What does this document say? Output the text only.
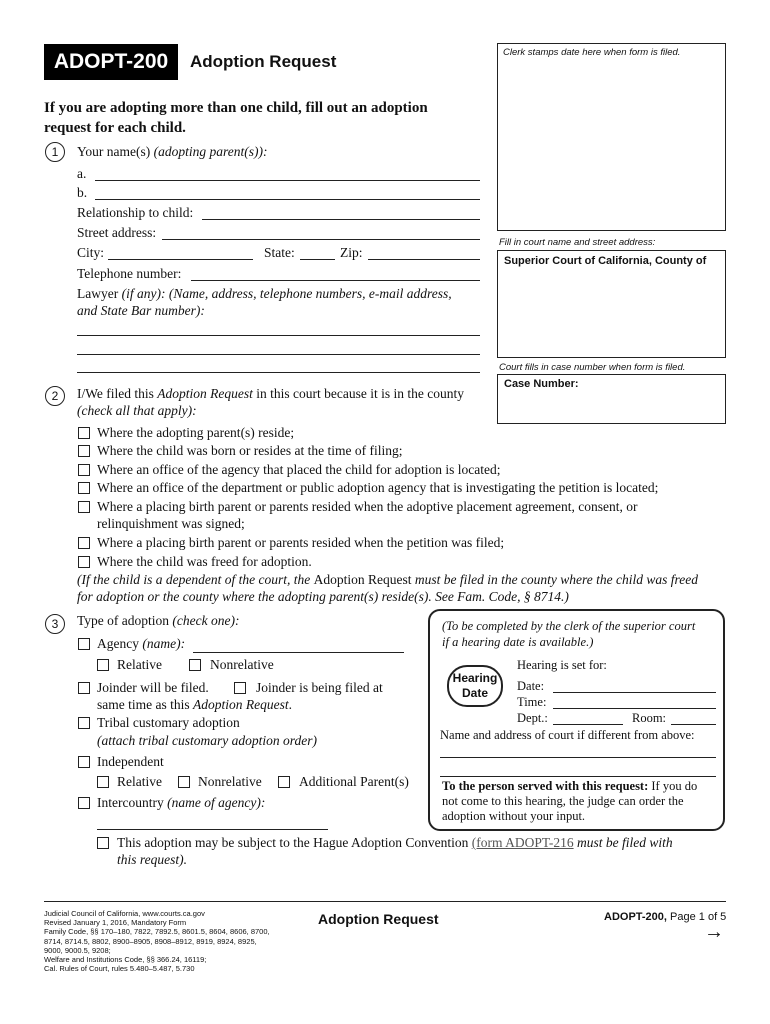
ADOPT-200 Adoption Request	Clerk stamps date here when form is filed.
Fill in court name and street address:
Superior Court of California, County of
Court fills in case number when form is filed.
Case Number:
If you are adopting more than one child, fill out an adoption
request for each child.
1	Your name(s) (adopting parent(s)):
a.
b.
Relationship to child:
Street address:
City:	State:	Zip:
Telephone number:
Lawyer (if any): (Name, address, telephone numbers, e-mail address,
and State Bar number):
2	I/We filed this Adoption Request in this court because it is in the county
(check all that apply):
Where the adopting parent(s) reside;
Where the child was born or resides at the time of filing;
Where an office of the agency that placed the child for adoption is located;
Where an office of the department or public adoption agency that is investigating the petition is located;
Where a placing birth parent or parents resided when the adoptive placement agreement, consent, or
relinquishment was signed;
Where a placing birth parent or parents resided when the petition was filed;
Where the child was freed for adoption.
(If the child is a dependent of the court, the Adoption Request must be filed in the county where the child was freed
for adoption or the county where the adopting parent(s) reside(s). See Fam. Code, § 8714.)
3	Type of adoption (check one):
Agency (name):
Relative	Nonrelative
Joinder will be filed.	Joinder is being filed at
same time as this Adoption Request.
Tribal customary adoption
(attach tribal customary adoption order)
Independent
Relative	Nonrelative	Additional Parent(s)
Intercountry (name of agency):
This adoption may be subject to the Hague Adoption Convention (form ADOPT-216 must be filed with
this request).
(To be completed by the clerk of the superior court
if a hearing date is available.)
Hearing is set for:
Hearing
Date	Date:
Time:
Dept.:	Room:
Name and address of court if different from above:
To the person served with this request: If you do
not come to this hearing, the judge can order the
adoption without your input.
Judicial Council of California, www.courts.ca.gov
Revised January 1, 2016, Mandatory Form
Family Code, §§ 170–180, 7822, 7892.5, 8601.5, 8604, 8606, 8700,
8714, 8714.5, 8802, 8900–8905, 8908–8912, 8919, 8924, 8925,
9000, 9000.5, 9208;
Welfare and Institutions Code, §§ 366.24, 16119;
Cal. Rules of Court, rules 5.480–5.487, 5.730
Adoption Request	ADOPT-200, Page 1 of 5
→
